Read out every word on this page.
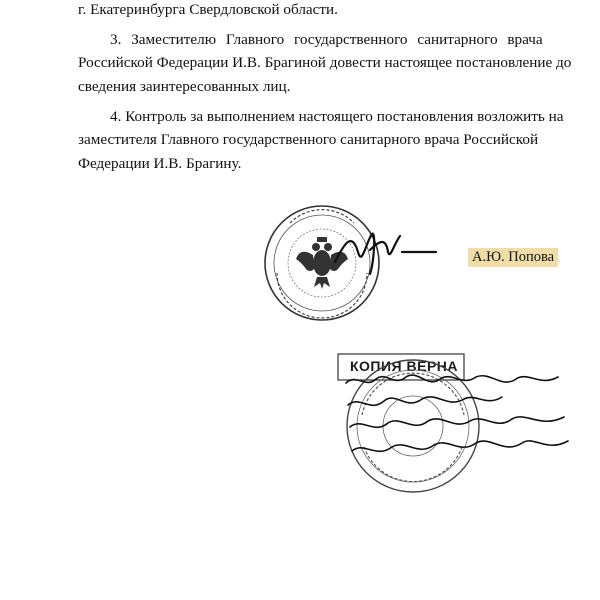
г. Екатеринбурга Свердловской области.
3. Заместителю Главного государственного санитарного врача
Российской Федерации И.В. Брагиной довести настоящее постановление до
сведения заинтересованных лиц.
4. Контроль за выполнением настоящего постановления возложить на
заместителя Главного государственного санитарного врача Российской
Федерации И.В. Брагину.
А.Ю. Попова
КОПИЯ ВЕРНА
